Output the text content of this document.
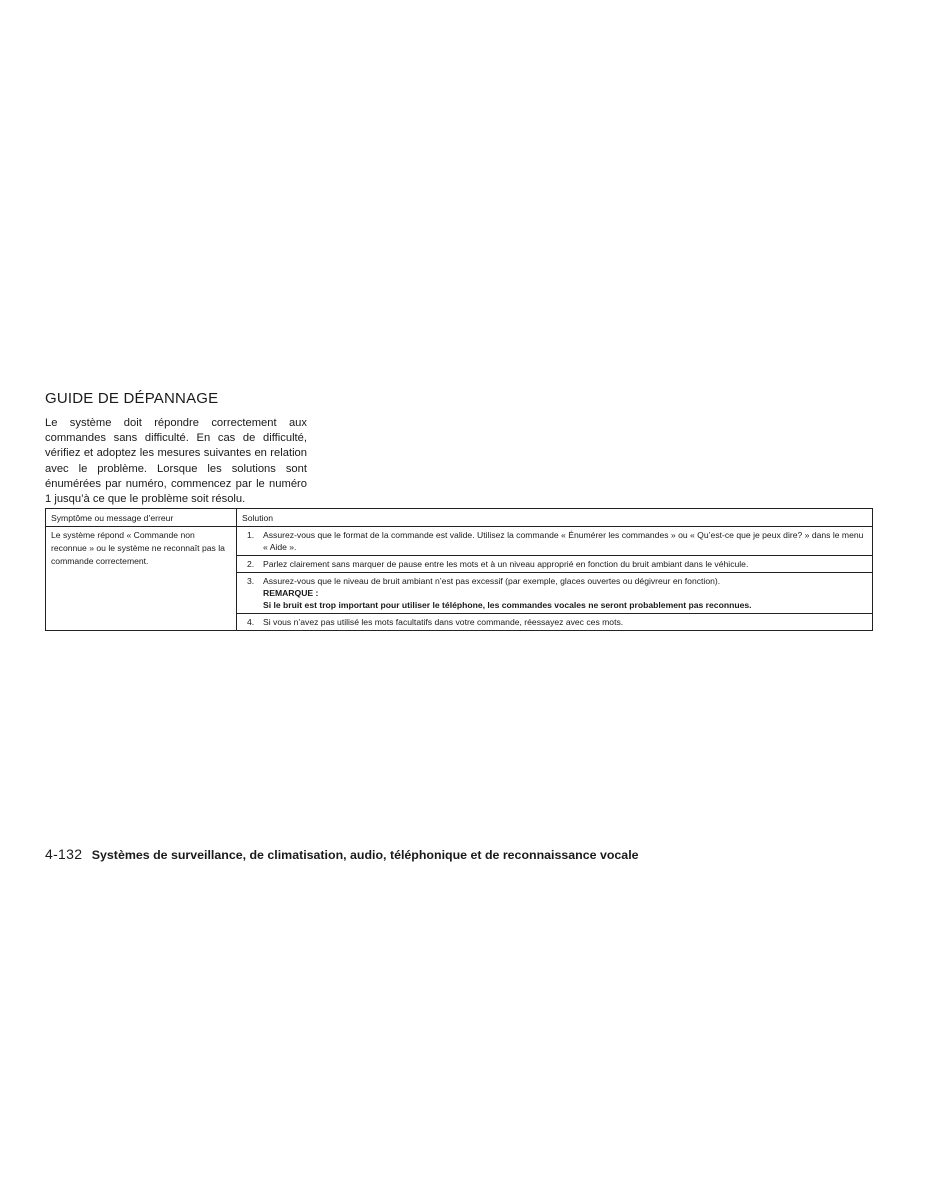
GUIDE DE DÉPANNAGE

Le système doit répondre correctement aux commandes sans difficulté. En cas de difficulté, vérifiez et adoptez les mesures suivantes en relation avec le problème. Lorsque les solutions sont énumérées par numéro, commencez par le numéro 1 jusqu’à ce que le problème soit résolu.

Symptôme ou message d’erreur	Solution
Le système répond « Commande non reconnue » ou le système ne reconnaît pas la commande correctement.	1. Assurez-vous que le format de la commande est valide. Utilisez la commande « Énumérer les commandes » ou « Qu’est-ce que je peux dire? » dans le menu « Aide ».

	2. Parlez clairement sans marquer de pause entre les mots et à un niveau approprié en fonction du bruit ambiant dans le véhicule.

	3. Assurez-vous que le niveau de bruit ambiant n’est pas excessif (par exemple, glaces ouvertes ou dégivreur en fonction).
REMARQUE :
Si le bruit est trop important pour utiliser le téléphone, les commandes vocales ne seront probablement pas reconnues.

	4. Si vous n’avez pas utilisé les mots facultatifs dans votre commande, réessayez avec ces mots.
4-132 Systèmes de surveillance, de climatisation, audio, téléphonique et de reconnaissance vocale
